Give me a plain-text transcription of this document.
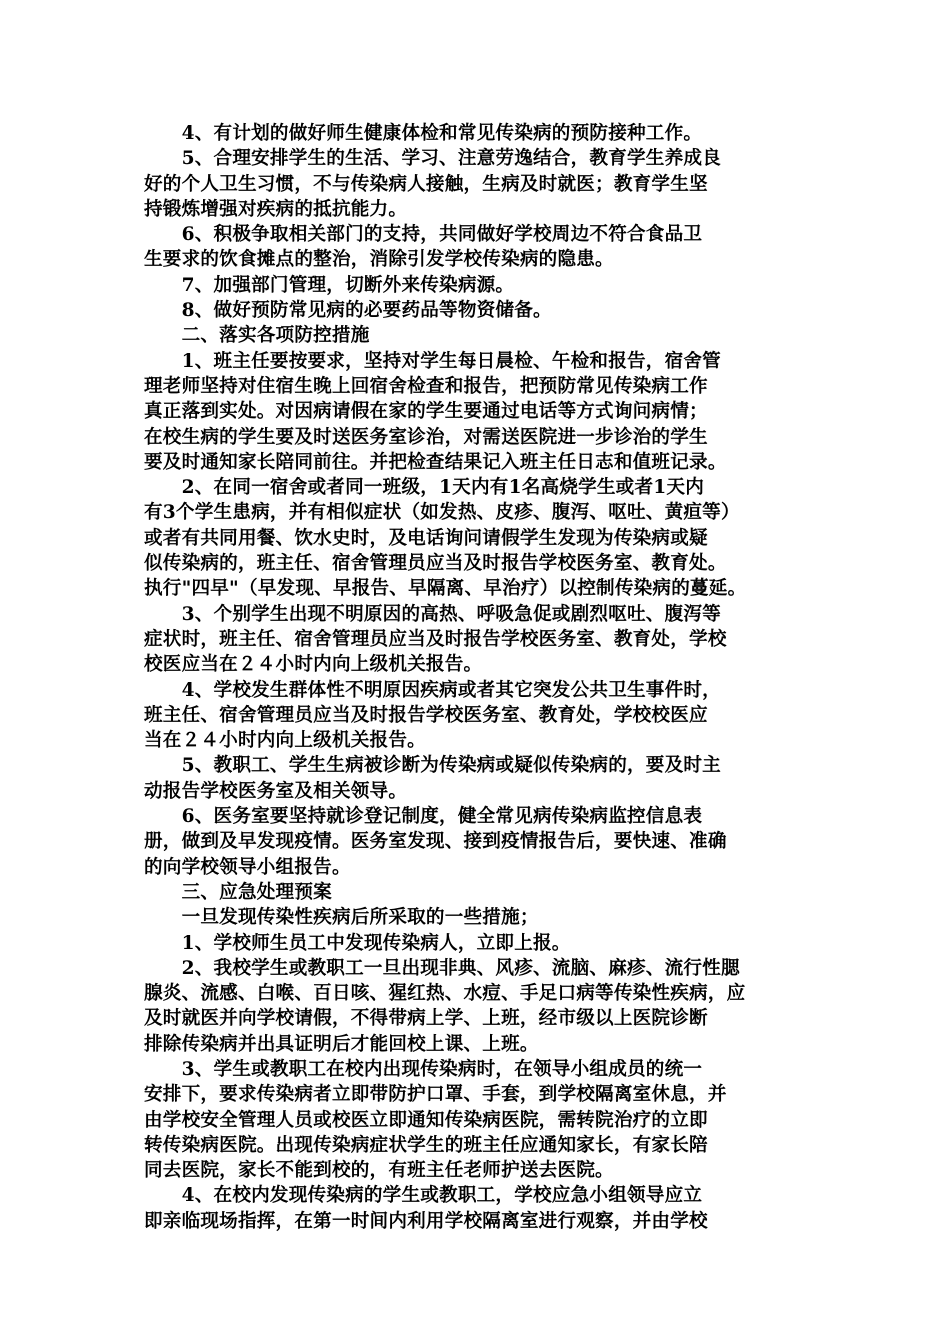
　　4、有计划的做好师生健康体检和常见传染病的预防接种工作。
　　5、合理安排学生的生活、学习、注意劳逸结合，教育学生养成良
好的个人卫生习惯，不与传染病人接触，生病及时就医；教育学生坚
持锻炼增强对疾病的抵抗能力。
　　6、积极争取相关部门的支持，共同做好学校周边不符合食品卫
生要求的饮食摊点的整治，消除引发学校传染病的隐患。
　　7、加强部门管理，切断外来传染病源。
　　8、做好预防常见病的必要药品等物资储备。
　　二、落实各项防控措施
　　1、班主任要按要求，坚持对学生每日晨检、午检和报告，宿舍管
理老师坚持对住宿生晚上回宿舍检查和报告，把预防常见传染病工作
真正落到实处。对因病请假在家的学生要通过电话等方式询问病情；
在校生病的学生要及时送医务室诊治，对需送医院进一步诊治的学生
要及时通知家长陪同前往。并把检查结果记入班主任日志和值班记录。
　　2、在同一宿舍或者同一班级，1天内有1名高烧学生或者1天内
有3个学生患病，并有相似症状（如发热、皮疹、腹泻、呕吐、黄疸等）
或者有共同用餐、饮水史时，及电话询问请假学生发现为传染病或疑
似传染病的，班主任、宿舍管理员应当及时报告学校医务室、教育处。
执行"四早"（早发现、早报告、早隔离、早治疗）以控制传染病的蔓延。
　　3、个别学生出现不明原因的高热、呼吸急促或剧烈呕吐、腹泻等
症状时，班主任、宿舍管理员应当及时报告学校医务室、教育处，学校
校医应当在２４小时内向上级机关报告。
　　4、学校发生群体性不明原因疾病或者其它突发公共卫生事件时，
班主任、宿舍管理员应当及时报告学校医务室、教育处，学校校医应
当在２４小时内向上级机关报告。
　　5、教职工、学生生病被诊断为传染病或疑似传染病的，要及时主
动报告学校医务室及相关领导。
　　6、医务室要坚持就诊登记制度，健全常见病传染病监控信息表
册，做到及早发现疫情。医务室发现、接到疫情报告后，要快速、准确
的向学校领导小组报告。
　　三、应急处理预案
　　一旦发现传染性疾病后所采取的一些措施；
　　1、学校师生员工中发现传染病人，立即上报。
　　2、我校学生或教职工一旦出现非典、风疹、流脑、麻疹、流行性腮
腺炎、流感、白喉、百日咳、猩红热、水痘、手足口病等传染性疾病，应
及时就医并向学校请假，不得带病上学、上班，经市级以上医院诊断
排除传染病并出具证明后才能回校上课、上班。
　　3、学生或教职工在校内出现传染病时，在领导小组成员的统一
安排下，要求传染病者立即带防护口罩、手套，到学校隔离室休息，并
由学校安全管理人员或校医立即通知传染病医院，需转院治疗的立即
转传染病医院。出现传染病症状学生的班主任应通知家长，有家长陪
同去医院，家长不能到校的，有班主任老师护送去医院。
　　4、在校内发现传染病的学生或教职工，学校应急小组领导应立
即亲临现场指挥，在第一时间内利用学校隔离室进行观察，并由学校
